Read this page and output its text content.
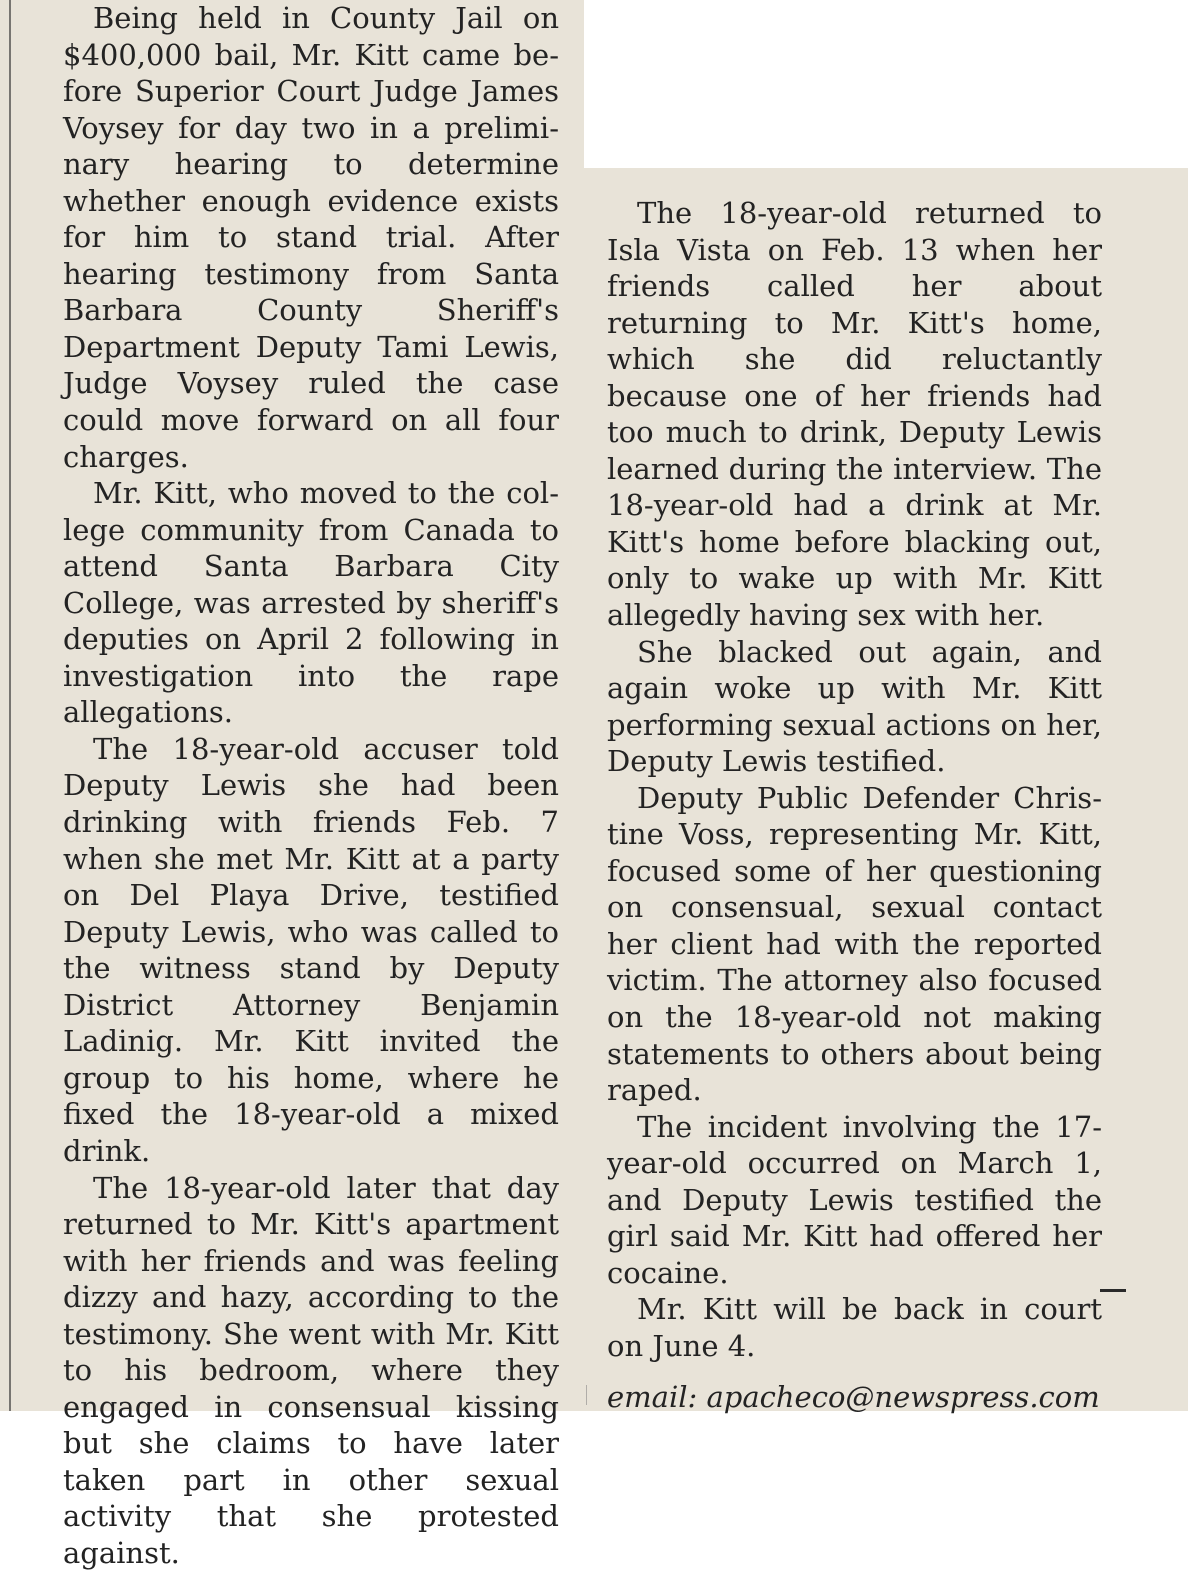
Being held in County Jail on $400,000 bail, Mr. Kitt came before Superior Court Judge James Voysey for day two in a preliminary hearing to determine whether enough evidence exists for him to stand trial. After hearing testimony from Santa Barbara County Sheriff's Department Deputy Tami Lewis, Judge Voysey ruled the case could move forward on all four charges.

Mr. Kitt, who moved to the college community from Canada to attend Santa Barbara City College, was arrested by sheriff's deputies on April 2 following in investigation into the rape allegations.

The 18-year-old accuser told Deputy Lewis she had been drinking with friends Feb. 7 when she met Mr. Kitt at a party on Del Playa Drive, testified Deputy Lewis, who was called to the witness stand by Deputy District Attorney Benjamin Ladinig. Mr. Kitt invited the group to his home, where he fixed the 18-year-old a mixed drink.

The 18-year-old later that day returned to Mr. Kitt's apartment with her friends and was feeling dizzy and hazy, according to the testimony. She went with Mr. Kitt to his bedroom, where they engaged in consensual kissing but she claims to have later taken part in other sexual activity that she protested against.

The 18-year-old returned to Isla Vista on Feb. 13 when her friends called her about returning to Mr. Kitt's home, which she did reluctantly because one of her friends had too much to drink, Deputy Lewis learned during the interview. The 18-year-old had a drink at Mr. Kitt's home before blacking out, only to wake up with Mr. Kitt allegedly having sex with her.

She blacked out again, and again woke up with Mr. Kitt performing sexual actions on her, Deputy Lewis testified.

Deputy Public Defender Christine Voss, representing Mr. Kitt, focused some of her questioning on consensual, sexual contact her client had with the reported victim. The attorney also focused on the 18-year-old not making statements to others about being raped.

The incident involving the 17-year-old occurred on March 1, and Deputy Lewis testified the girl said Mr. Kitt had offered her cocaine.

Mr. Kitt will be back in court on June 4.

email: apacheco@newspress.com
